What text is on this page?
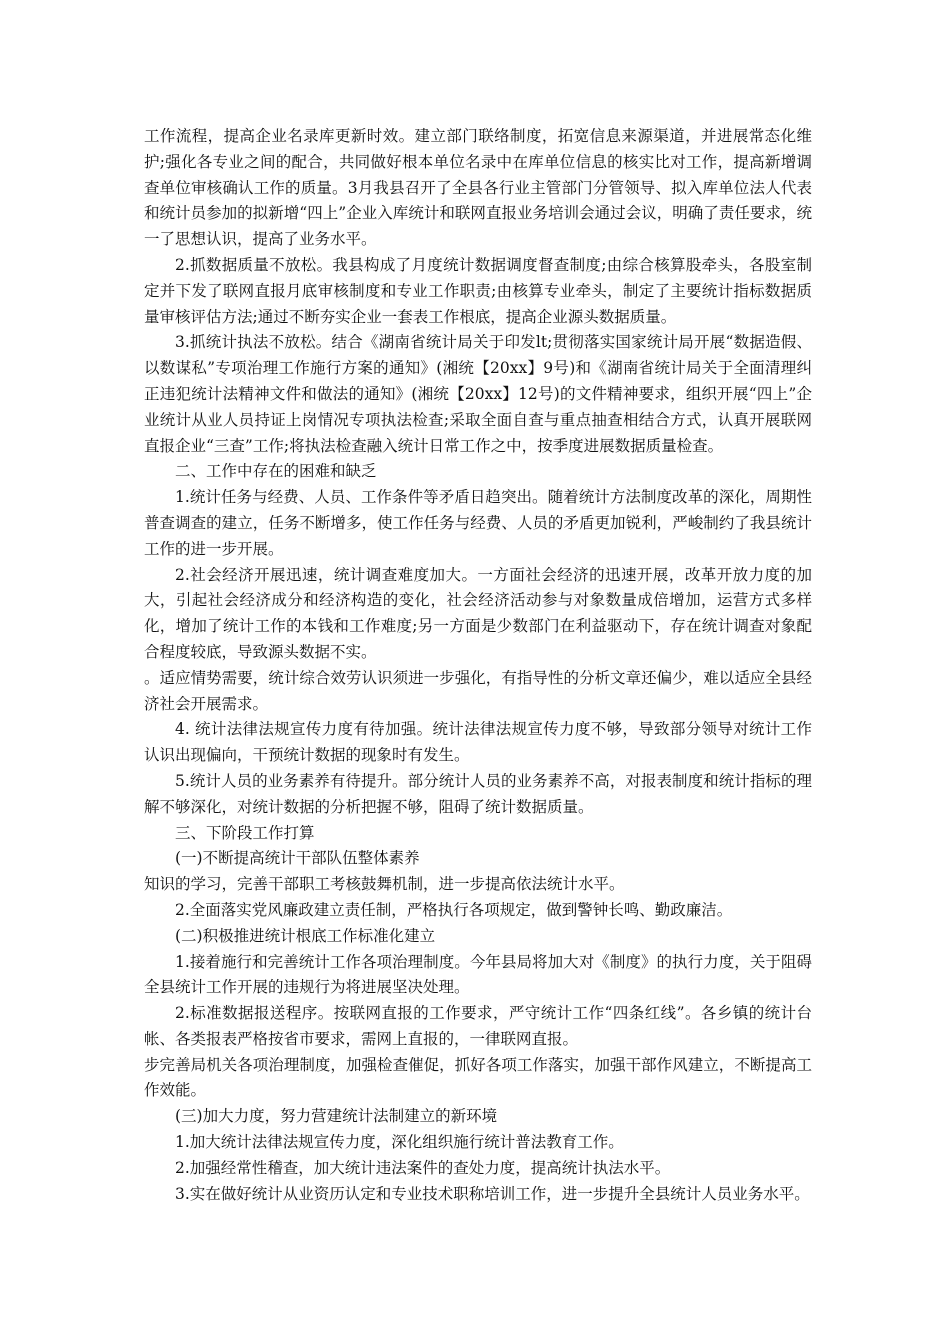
工作流程，提高企业名录库更新时效。建立部门联络制度，拓宽信息来源渠道，并进展常态化维护;强化各专业之间的配合，共同做好根本单位名录中在库单位信息的核实比对工作，提高新增调查单位审核确认工作的质量。3月我县召开了全县各行业主管部门分管领导、拟入库单位法人代表和统计员参加的拟新增“四上”企业入库统计和联网直报业务培训会通过会议，明确了责任要求，统一了思想认识，提高了业务水平。

2.抓数据质量不放松。我县构成了月度统计数据调度督查制度;由综合核算股牵头，各股室制定并下发了联网直报月底审核制度和专业工作职责;由核算专业牵头，制定了主要统计指标数据质量审核评估方法;通过不断夯实企业一套表工作根底，提高企业源头数据质量。

3.抓统计执法不放松。结合《湖南省统计局关于印发lt;贯彻落实国家统计局开展“数据造假、以数谋私”专项治理工作施行方案的通知》(湘统【20xx】9号)和《湖南省统计局关于全面清理纠正违犯统计法精神文件和做法的通知》(湘统【20xx】12号)的文件精神要求，组织开展“四上”企业统计从业人员持证上岗情况专项执法检查;采取全面自查与重点抽查相结合方式，认真开展联网直报企业“三查”工作;将执法检查融入统计日常工作之中，按季度进展数据质量检查。

二、工作中存在的困难和缺乏

1.统计任务与经费、人员、工作条件等矛盾日趋突出。随着统计方法制度改革的深化，周期性普查调查的建立，任务不断增多，使工作任务与经费、人员的矛盾更加锐利，严峻制约了我县统计工作的进一步开展。

2.社会经济开展迅速，统计调查难度加大。一方面社会经济的迅速开展，改革开放力度的加大，引起社会经济成分和经济构造的变化，社会经济活动参与对象数量成倍增加，运营方式多样化，增加了统计工作的本钱和工作难度;另一方面是少数部门在利益驱动下，存在统计调查对象配合程度较底，导致源头数据不实。

。适应情势需要，统计综合效劳认识须进一步强化，有指导性的分析文章还偏少，难以适应全县经济社会开展需求。

4. 统计法律法规宣传力度有待加强。统计法律法规宣传力度不够，导致部分领导对统计工作认识出现偏向，干预统计数据的现象时有发生。

5.统计人员的业务素养有待提升。部分统计人员的业务素养不高，对报表制度和统计指标的理解不够深化，对统计数据的分析把握不够，阻碍了统计数据质量。

三、下阶段工作打算

(一)不断提高统计干部队伍整体素养

知识的学习，完善干部职工考核鼓舞机制，进一步提高依法统计水平。

2.全面落实党风廉政建立责任制，严格执行各项规定，做到警钟长鸣、勤政廉洁。

(二)积极推进统计根底工作标准化建立

1.接着施行和完善统计工作各项治理制度。今年县局将加大对《制度》的执行力度，关于阻碍全县统计工作开展的违规行为将进展坚决处理。

2.标准数据报送程序。按联网直报的工作要求，严守统计工作“四条红线”。各乡镇的统计台帐、各类报表严格按省市要求，需网上直报的，一律联网直报。

步完善局机关各项治理制度，加强检查催促，抓好各项工作落实，加强干部作风建立，不断提高工作效能。

(三)加大力度，努力营建统计法制建立的新环境

1.加大统计法律法规宣传力度，深化组织施行统计普法教育工作。

2.加强经常性稽查，加大统计违法案件的查处力度，提高统计执法水平。

3.实在做好统计从业资历认定和专业技术职称培训工作，进一步提升全县统计人员业务水平。
